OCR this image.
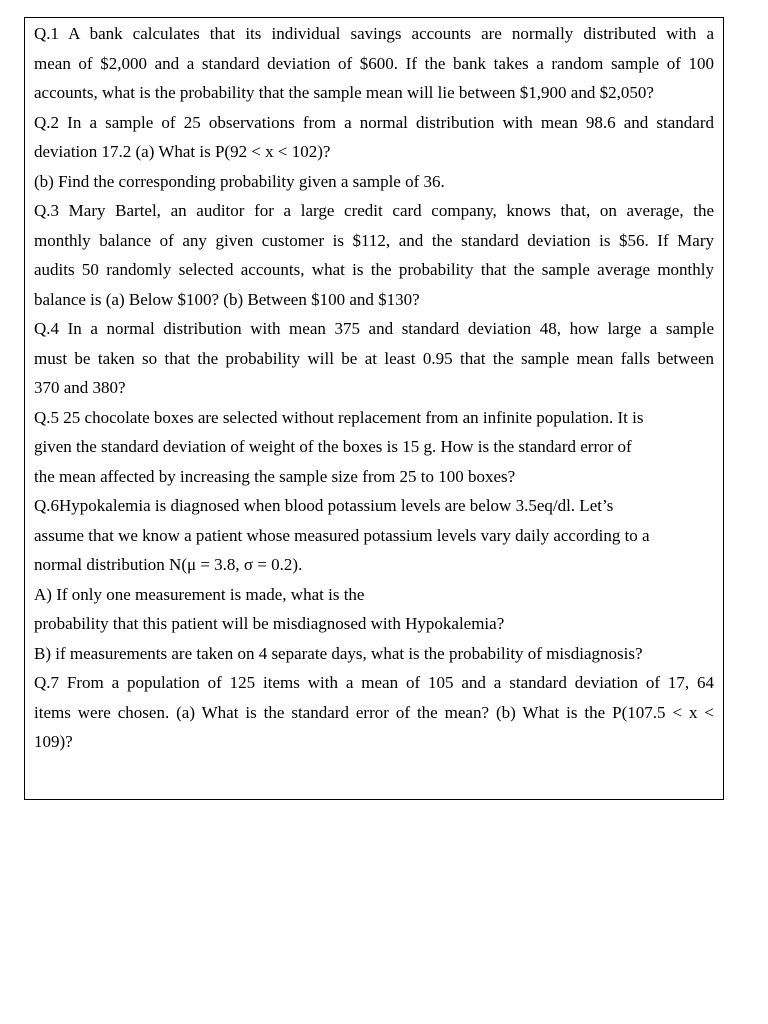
Q.1 A bank calculates that its individual savings accounts are normally distributed with a
mean of $2,000 and a standard deviation of $600. If the bank takes a random sample of 100
accounts, what is the probability that the sample mean will lie between $1,900 and $2,050?
Q.2 In a sample of 25 observations from a normal distribution with mean 98.6 and standard
deviation 17.2 (a) What is P(92 < x < 102)?
(b) Find the corresponding probability given a sample of 36.
Q.3 Mary Bartel, an auditor for a large credit card company, knows that, on average, the
monthly balance of any given customer is $112, and the standard deviation is $56. If Mary
audits 50 randomly selected accounts, what is the probability that the sample average monthly
balance is (a) Below $100? (b) Between $100 and $130?
Q.4 In a normal distribution with mean 375 and standard deviation 48, how large a sample
must be taken so that the probability will be at least 0.95 that the sample mean falls between
370 and 380?
Q.5 25 chocolate boxes are selected without replacement from an infinite population. It is
given the standard deviation of weight of the boxes is 15 g. How is the standard error of
the mean affected by increasing the sample size from 25 to 100 boxes?
Q.6Hypokalemia is diagnosed when blood potassium levels are below 3.5eq/dl. Let’s
assume that we know a patient whose measured potassium levels vary daily according to a
normal distribution N(μ = 3.8, σ = 0.2).
A) If only one measurement is made, what is the
probability that this patient will be misdiagnosed with Hypokalemia?
B) if measurements are taken on 4 separate days, what is the probability of misdiagnosis?
Q.7 From a population of 125 items with a mean of 105 and a standard deviation of 17, 64
items were chosen. (a) What is the standard error of the mean? (b) What is the P(107.5 < x <
109)?
